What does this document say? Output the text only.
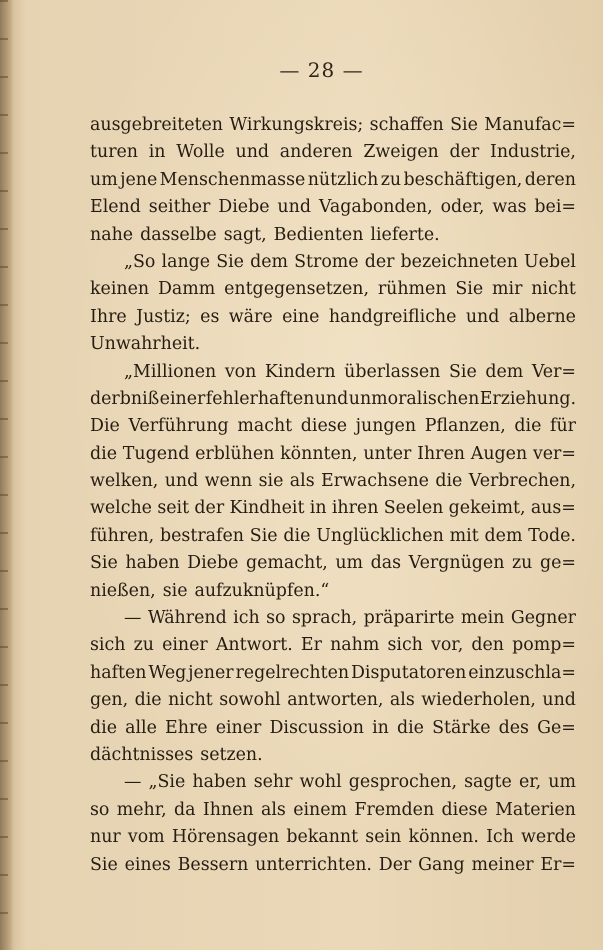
— 28 —
ausgebreiteten Wirkungskreis; schaffen Sie Manufac=
turen in Wolle und anderen Zweigen der Industrie,
um jene Menschenmasse nützlich zu beschäftigen, deren
Elend seither Diebe und Vagabonden, oder, was bei=
nahe dasselbe sagt, Bedienten lieferte.
„So lange Sie dem Strome der bezeichneten Uebel
keinen Damm entgegensetzen, rühmen Sie mir nicht
Ihre Justiz; es wäre eine handgreifliche und alberne
Unwahrheit.
„Millionen von Kindern überlassen Sie dem Ver=
derbniß einer fehlerhaften und unmoralischen Erziehung.
Die Verführung macht diese jungen Pflanzen, die für
die Tugend erblühen könnten, unter Ihren Augen ver=
welken, und wenn sie als Erwachsene die Verbrechen,
welche seit der Kindheit in ihren Seelen gekeimt, aus=
führen, bestrafen Sie die Unglücklichen mit dem Tode.
Sie haben Diebe gemacht, um das Vergnügen zu ge=
nießen, sie aufzuknüpfen.“
— Während ich so sprach, präparirte mein Gegner
sich zu einer Antwort. Er nahm sich vor, den pomp=
haften Weg jener regelrechten Disputatoren einzuschla=
gen, die nicht sowohl antworten, als wiederholen, und
die alle Ehre einer Discussion in die Stärke des Ge=
dächtnisses setzen.
— „Sie haben sehr wohl gesprochen, sagte er, um
so mehr, da Ihnen als einem Fremden diese Materien
nur vom Hörensagen bekannt sein können. Ich werde
Sie eines Bessern unterrichten. Der Gang meiner Er=
